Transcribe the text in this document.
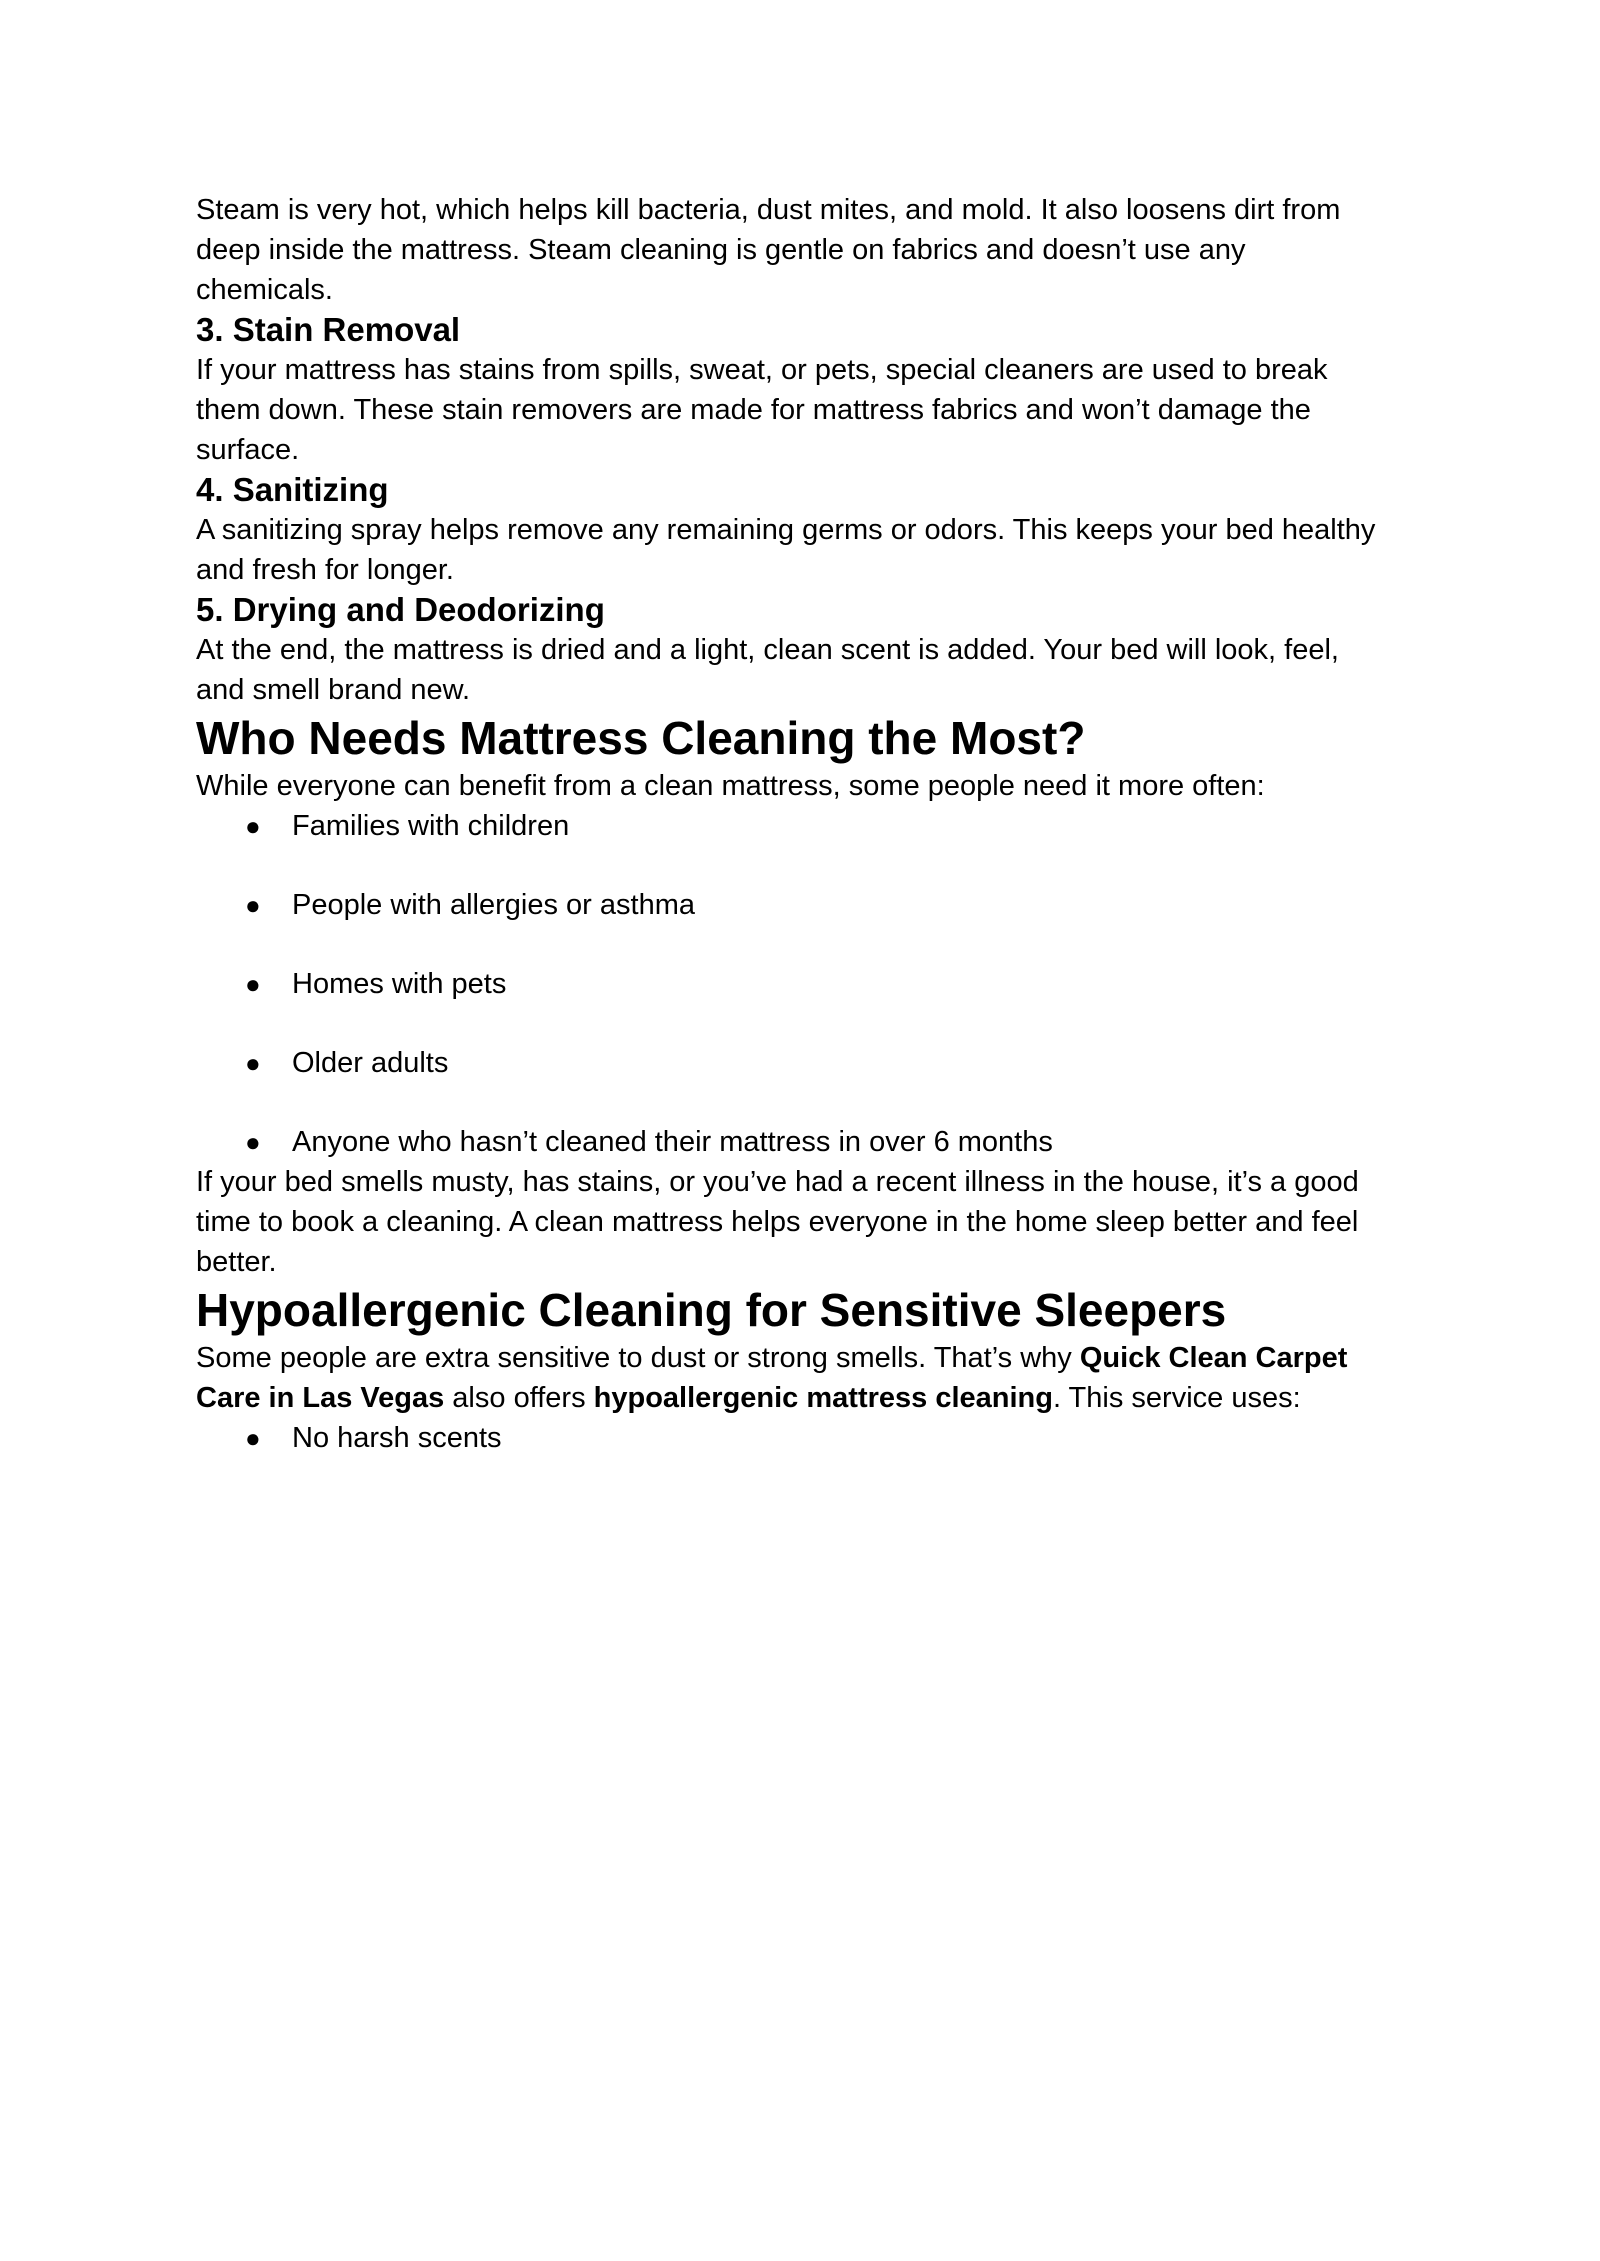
Steam is very hot, which helps kill bacteria, dust mites, and mold. It also loosens dirt from
deep inside the mattress. Steam cleaning is gentle on fabrics and doesn’t use any
chemicals.

3. Stain Removal

If your mattress has stains from spills, sweat, or pets, special cleaners are used to break
them down. These stain removers are made for mattress fabrics and won’t damage the
surface.

4. Sanitizing

A sanitizing spray helps remove any remaining germs or odors. This keeps your bed healthy
and fresh for longer.

5. Drying and Deodorizing

At the end, the mattress is dried and a light, clean scent is added. Your bed will look, feel,
and smell brand new.

Who Needs Mattress Cleaning the Most?

While everyone can benefit from a clean mattress, some people need it more often:

● Families with children
● People with allergies or asthma
● Homes with pets
● Older adults
● Anyone who hasn’t cleaned their mattress in over 6 months

If your bed smells musty, has stains, or you’ve had a recent illness in the house, it’s a good
time to book a cleaning. A clean mattress helps everyone in the home sleep better and feel
better.

Hypoallergenic Cleaning for Sensitive Sleepers

Some people are extra sensitive to dust or strong smells. That’s why Quick Clean Carpet
Care in Las Vegas also offers hypoallergenic mattress cleaning. This service uses:

● No harsh scents
